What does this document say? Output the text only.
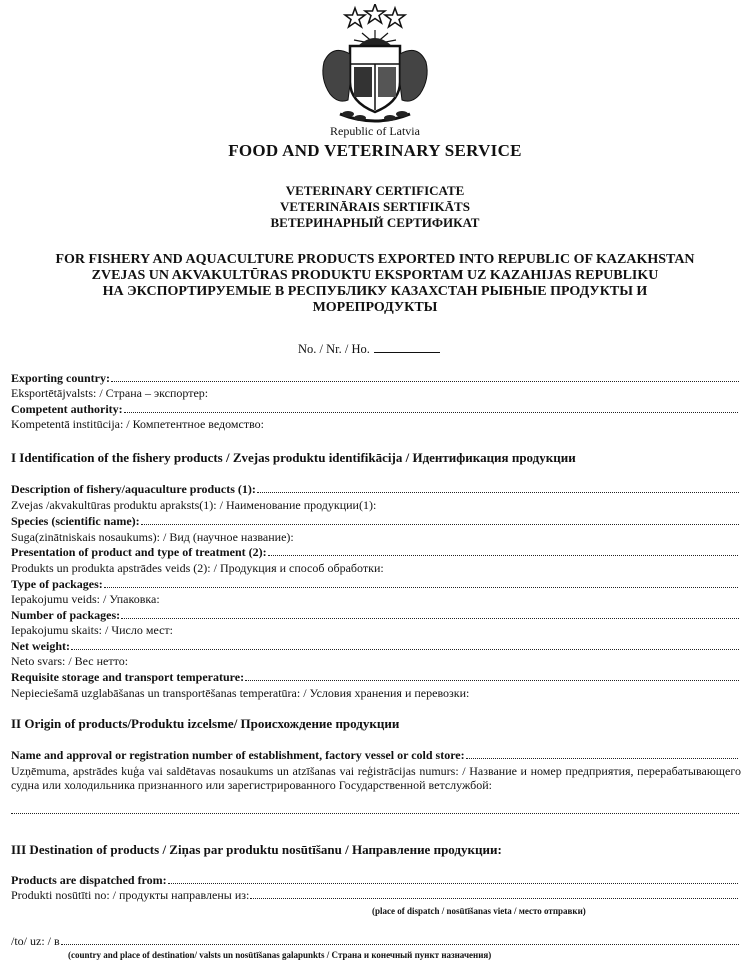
Republic of Latvia
FOOD AND VETERINARY SERVICE
VETERINARY CERTIFICATE
VETERINĀRAIS SERTIFIKĀTS
ВЕТЕРИНАРНЫЙ СЕРТИФИКАТ
FOR FISHERY AND AQUACULTURE PRODUCTS EXPORTED INTO REPUBLIC OF KAZAKHSTAN
ZVEJAS UN AKVAKULTŪRAS PRODUKTU EKSPORTAM UZ KAZAHIJAS REPUBLIKU
НА ЭКСПОРТИРУЕМЫЕ В РЕСПУБЛИКУ КАЗАХСТАН РЫБНЫЕ ПРОДУКТЫ И
МОРЕПРОДУКТЫ
No. / Nr. / Ho.
Exporting country:
Eksportētājvalsts: / Страна – экспортер:
Competent authority:
Kompetentā institūcija: / Компетентное ведомство:
I Identification of the fishery products / Zvejas produktu identifikācija / Идентификация продукции
Description of fishery/aquaculture products (1):
Zvejas /akvakultūras produktu apraksts(1): / Наименование продукции(1):
Species (scientific name):
Suga(zinātniskais nosaukums): / Вид (научное название):
Presentation of product and type of treatment (2):
Produkts un produkta apstrādes veids (2): / Продукция и способ обработки:
Type of packages:
Iepakojumu veids: / Упаковка:
Number of packages:
Iepakojumu skaits: / Число мест:
Net weight:
Neto svars: / Вес нетто:
Requisite storage and transport temperature:
Nepieciešamā uzglabāšanas un transportēšanas temperatūra: / Условия хранения и перевозки:
II Origin of products/Produktu izcelsme/ Происхождение продукции
Name and approval or registration number of establishment, factory vessel or cold store:
Uzņēmuma, apstrādes kuģa vai saldētavas nosaukums un atzīšanas vai reģistrācijas numurs: / Название и номер предприятия, перерабатывающего судна или холодильника признанного или зарегистрированного Государственной ветслужбой:
III Destination of products / Ziņas par produktu nosūtīšanu / Направление продукции:
Products are dispatched from:
Produkti nosūtīti no: / продукты направлены из:
(place of dispatch / nosūtīšanas vieta / место отправки)
/to/ uz: / в
(country and place of destination/ valsts un nosūtīšanas galapunkts / Страна и конечный пункт назначения)
